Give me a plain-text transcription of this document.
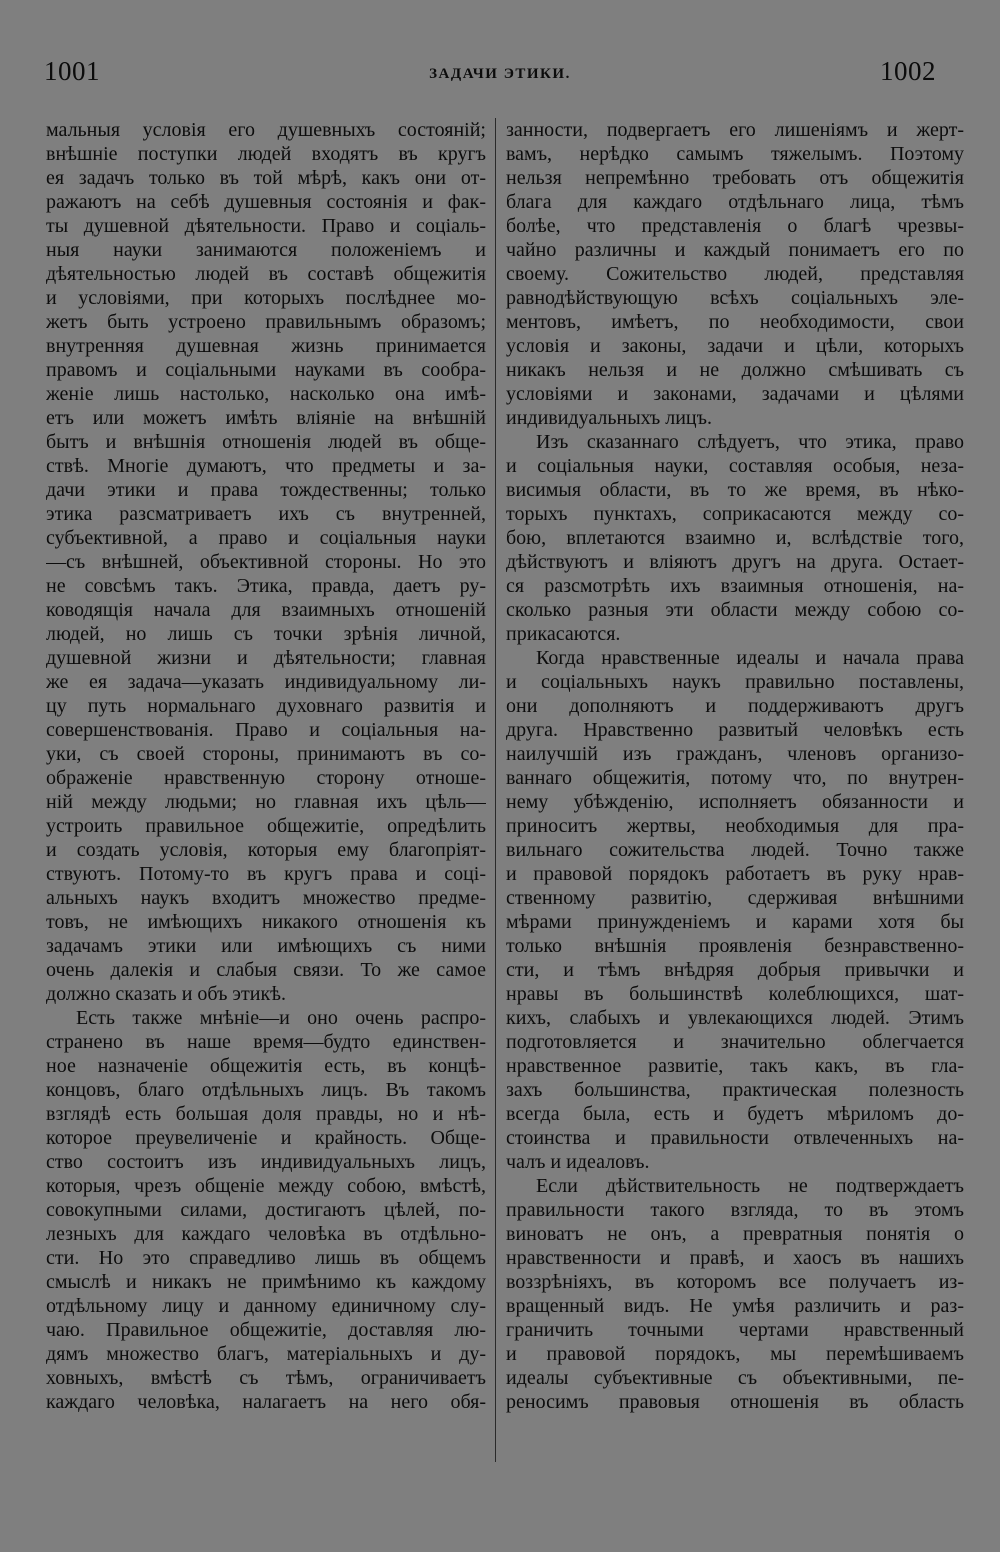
1001	ЗАДАЧИ ЭТИКИ.	1002
мальныя условія его душевныхъ состояній;
внѣшніе поступки людей входятъ въ кругъ
ея задачъ только въ той мѣрѣ, какъ они от-
ражаютъ на себѣ душевныя состоянія и фак-
ты душевной дѣятельности. Право и соціаль-
ныя науки занимаются положеніемъ и
дѣятельностью людей въ составѣ общежитія
и условіями, при которыхъ послѣднее мо-
жетъ быть устроено правильнымъ образомъ;
внутренняя душевная жизнь принимается
правомъ и соціальными науками въ сообра-
женіе лишь настолько, насколько она имѣ-
етъ или можетъ имѣть вліяніе на внѣшній
бытъ и внѣшнія отношенія людей въ обще-
ствѣ. Многіе думаютъ, что предметы и за-
дачи этики и права тождественны; только
этика разсматриваетъ ихъ съ внутренней,
субъективной, а право и соціальныя науки
—съ внѣшней, объективной стороны. Но это
не совсѣмъ такъ. Этика, правда, даетъ ру-
ководящія начала для взаимныхъ отношеній
людей, но лишь съ точки зрѣнія личной,
душевной жизни и дѣятельности; главная
же ея задача—указать индивидуальному ли-
цу путь нормальнаго духовнаго развитія и
совершенствованія. Право и соціальныя на-
уки, съ своей стороны, принимаютъ въ со-
ображеніе нравственную сторону отноше-
ній между людьми; но главная ихъ цѣль—
устроить правильное общежитіе, опредѣлить
и создать условія, которыя ему благопріят-
ствуютъ. Потому-то въ кругъ права и соці-
альныхъ наукъ входитъ множество предме-
товъ, не имѣющихъ никакого отношенія къ
задачамъ этики или имѣющихъ съ ними
очень далекія и слабыя связи. То же самое
должно сказать и объ этикѣ.
Есть также мнѣніе—и оно очень распро-
странено въ наше время—будто единствен-
ное назначеніе общежитія есть, въ концѣ-
концовъ, благо отдѣльныхъ лицъ. Въ такомъ
взглядѣ есть большая доля правды, но и нѣ-
которое преувеличеніе и крайность. Обще-
ство состоитъ изъ индивидуальныхъ лицъ,
которыя, чрезъ общеніе между собою, вмѣстѣ,
совокупными силами, достигаютъ цѣлей, по-
лезныхъ для каждаго человѣка въ отдѣльно-
сти. Но это справедливо лишь въ общемъ
смыслѣ и никакъ не примѣнимо къ каждому
отдѣльному лицу и данному единичному слу-
чаю. Правильное общежитіе, доставляя лю-
дямъ множество благъ, матеріальныхъ и ду-
ховныхъ, вмѣстѣ съ тѣмъ, ограничиваетъ
каждаго человѣка, налагаетъ на него обя-
занности, подвергаетъ его лишеніямъ и жерт-
вамъ, нерѣдко самымъ тяжелымъ. Поэтому
нельзя непремѣнно требовать отъ общежитія
блага для каждаго отдѣльнаго лица, тѣмъ
болѣе, что представленія о благѣ чрезвы-
чайно различны и каждый понимаетъ его по
своему. Сожительство людей, представляя
равнодѣйствующую всѣхъ соціальныхъ эле-
ментовъ, имѣетъ, по необходимости, свои
условія и законы, задачи и цѣли, которыхъ
никакъ нельзя и не должно смѣшивать съ
условіями и законами, задачами и цѣлями
индивидуальныхъ лицъ.
Изъ сказаннаго слѣдуетъ, что этика, право
и соціальныя науки, составляя особыя, неза-
висимыя области, въ то же время, въ нѣко-
торыхъ пунктахъ, соприкасаются между со-
бою, вплетаются взаимно и, вслѣдствіе того,
дѣйствуютъ и вліяютъ другъ на друга. Остает-
ся разсмотрѣть ихъ взаимныя отношенія, на-
сколько разныя эти области между собою со-
прикасаются.
Когда нравственные идеалы и начала права
и соціальныхъ наукъ правильно поставлены,
они дополняютъ и поддерживаютъ другъ
друга. Нравственно развитый человѣкъ есть
наилучшій изъ гражданъ, членовъ организо-
ваннаго общежитія, потому что, по внутрен-
нему убѣжденію, исполняетъ обязанности и
приноситъ жертвы, необходимыя для пра-
вильнаго сожительства людей. Точно также
и правовой порядокъ работаетъ въ руку нрав-
ственному развитію, сдерживая внѣшними
мѣрами принужденіемъ и карами хотя бы
только внѣшнія проявленія безнравственно-
сти, и тѣмъ внѣдряя добрыя привычки и
нравы въ большинствѣ колеблющихся, шат-
кихъ, слабыхъ и увлекающихся людей. Этимъ
подготовляется и значительно облегчается
нравственное развитіе, такъ какъ, въ гла-
захъ большинства, практическая полезность
всегда была, есть и будетъ мѣриломъ до-
стоинства и правильности отвлеченныхъ на-
чалъ и идеаловъ.
Если дѣйствительность не подтверждаетъ
правильности такого взгляда, то въ этомъ
виноватъ не онъ, а превратныя понятія о
нравственности и правѣ, и хаосъ въ нашихъ
воззрѣніяхъ, въ которомъ все получаетъ из-
вращенный видъ. Не умѣя различить и раз-
граничить точными чертами нравственный
и правовой порядокъ, мы перемѣшиваемъ
идеалы субъективные съ объективными, пе-
реносимъ правовыя отношенія въ область
